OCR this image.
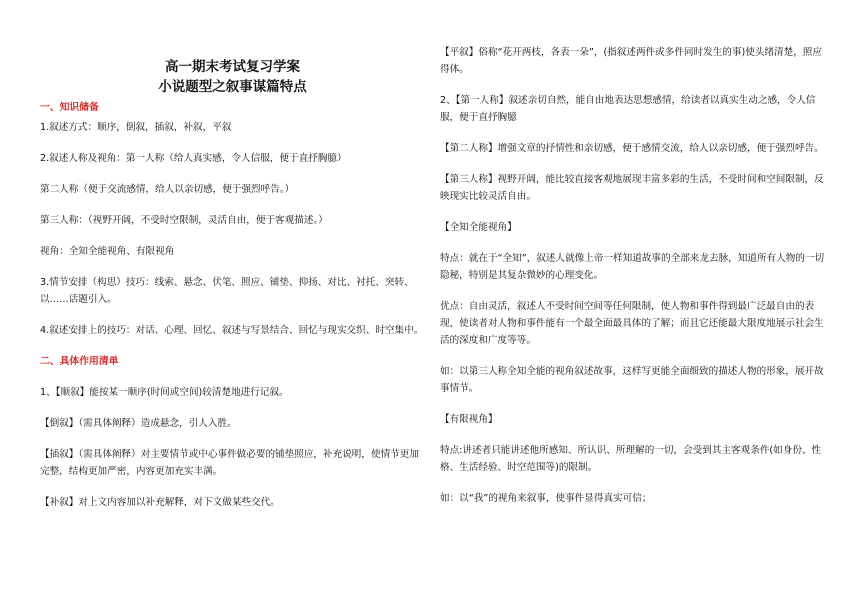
高一期末考试复习学案

小说题型之叙事谋篇特点

一、知识储备

1.叙述方式：顺序，倒叙，插叙，补叙，平叙

2.叙述人称及视角：第一人称（给人真实感，令人信服，便于直抒胸臆）

第二人称（便于交流感情，给人以亲切感，便于强烈呼告。）

第三人称：（视野开阔，不受时空限制，灵活自由，便于客观描述。）

视角：全知全能视角、有限视角

3.情节安排（构思）技巧：线索、悬念、伏笔、照应、铺垫、抑扬、对比、衬托、突转、以……话题引入。

4.叙述安排上的技巧：对话、心理、回忆、叙述与写景结合、回忆与现实交织、时空集中。

二、具体作用清单

1、【顺叙】能按某一顺序(时间或空间)较清楚地进行记叙。

【倒叙】（需具体阐释）造成悬念，引人入胜。

【插叙】（需具体阐释）对主要情节或中心事件做必要的铺垫照应，补充说明，使情节更加完整，结构更加严密，内容更加充实丰满。

【补叙】对上文内容加以补充解释，对下文做某些交代。

【平叙】俗称“花开两枝，各表一朵”，(指叙述两件或多件同时发生的事)使头绪清楚，照应得体。

2、【第一人称】叙述亲切自然，能自由地表达思想感情，给读者以真实生动之感，令人信服，便于直抒胸臆

【第二人称】增强文章的抒情性和亲切感，便于感情交流，给人以亲切感，便于强烈呼告。

【第三人称】视野开阔，能比较直接客观地展现丰富多彩的生活，不受时间和空间限制，反映现实比较灵活自由。

【全知全能视角】

特点：就在于“全知”，叙述人就像上帝一样知道故事的全部来龙去脉，知道所有人物的一切隐秘，特别是其复杂微妙的心理变化。

优点：自由灵活，叙述人不受时间空间等任何限制，使人物和事件得到最广泛最自由的表现，使读者对人物和事件能有一个最全面最具体的了解；而且它还能最大限度地展示社会生活的深度和广度等等。

如：以第三人称全知全能的视角叙述故事，这样写更能全面细致的描述人物的形象，展开故事情节。

【有限视角】

特点:讲述者只能讲述他所感知、所认识、所理解的一切，会受到其主客观条件(如身份、性格、生活经验、时空范围等)的限制。

如：以“我”的视角来叙事，使事件显得真实可信；
